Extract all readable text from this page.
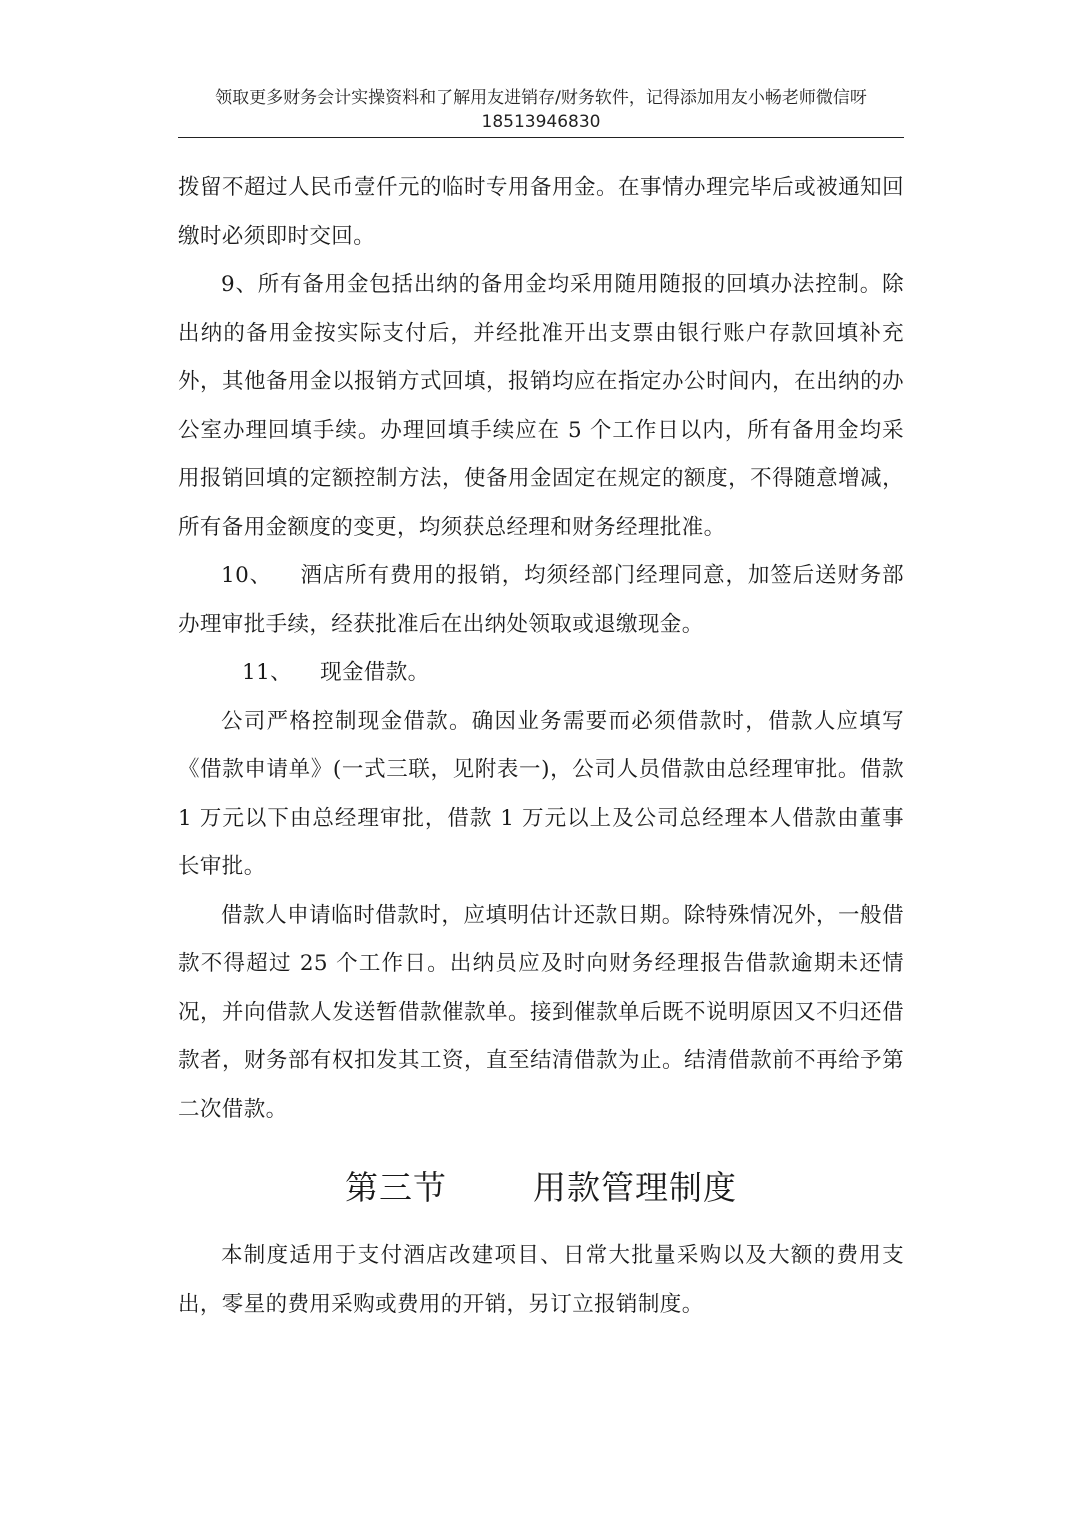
领取更多财务会计实操资料和了解用友进销存/财务软件，记得添加用友小畅老师微信呀
18513946830

拨留不超过人民币壹仟元的临时专用备用金。在事情办理完毕后或被通知回缴时必须即时交回。

9、所有备用金包括出纳的备用金均采用随用随报的回填办法控制。除出纳的备用金按实际支付后，并经批准开出支票由银行账户存款回填补充外，其他备用金以报销方式回填，报销均应在指定办公时间内，在出纳的办公室办理回填手续。办理回填手续应在 5 个工作日以内，所有备用金均采用报销回填的定额控制方法，使备用金固定在规定的额度，不得随意增减，所有备用金额度的变更，均须获总经理和财务经理批准。

10、 酒店所有费用的报销，均须经部门经理同意，加签后送财务部办理审批手续，经获批准后在出纳处领取或退缴现金。

11、 现金借款。

公司严格控制现金借款。确因业务需要而必须借款时，借款人应填写《借款申请单》(一式三联，见附表一)，公司人员借款由总经理审批。借款 1 万元以下由总经理审批，借款 1 万元以上及公司总经理本人借款由董事长审批。

借款人申请临时借款时，应填明估计还款日期。除特殊情况外，一般借款不得超过 25 个工作日。出纳员应及时向财务经理报告借款逾期未还情况，并向借款人发送暂借款催款单。接到催款单后既不说明原因又不归还借款者，财务部有权扣发其工资，直至结清借款为止。结清借款前不再给予第二次借款。

第三节	用款管理制度

本制度适用于支付酒店改建项目、日常大批量采购以及大额的费用支出，零星的费用采购或费用的开销，另订立报销制度。
